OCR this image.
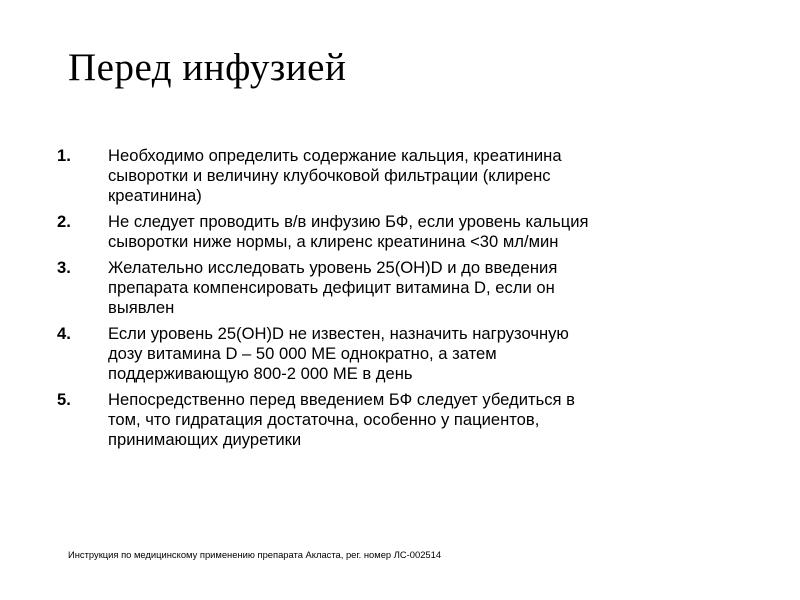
Перед инфузией
1.	Необходимо определить содержание кальция, креатинина
сыворотки и величину клубочковой фильтрации (клиренс
креатинина)
2.	Не следует проводить в/в инфузию БФ, если уровень кальция
сыворотки ниже нормы, а клиренс креатинина <30 мл/мин
3.	Желательно исследовать уровень 25(OH)D и до введения
препарата компенсировать дефицит витамина D, если он
выявлен
4.	Если уровень 25(OH)D не известен, назначить нагрузочную
дозу витамина D – 50 000 МЕ однократно, а затем
поддерживающую 800-2 000 МЕ в день
5.	Непосредственно перед введением БФ следует убедиться в
том, что гидратация достаточна, особенно у пациентов,
принимающих диуретики

Инструкция по медицинскому применению препарата Акласта, рег. номер ЛС-002514
